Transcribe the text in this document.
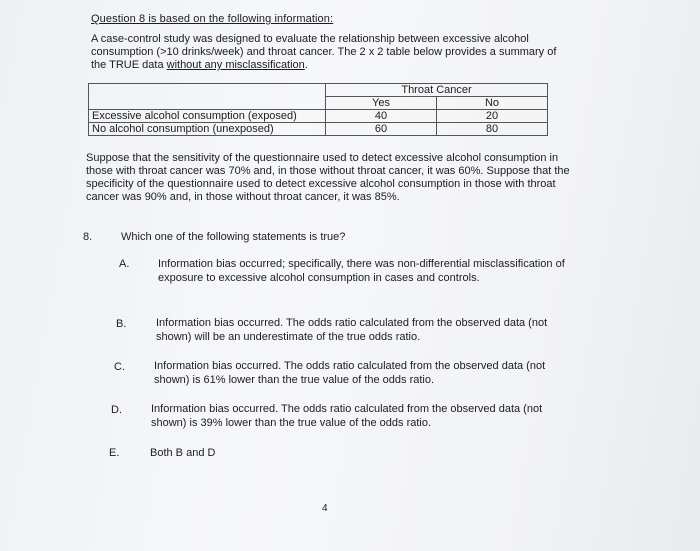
Question 8 is based on the following information:
A case-control study was designed to evaluate the relationship between excessive alcohol consumption (>10 drinks/week) and throat cancer. The 2 x 2 table below provides a summary of the TRUE data without any misclassification.
	Throat Cancer	
	Yes	No
Excessive alcohol consumption (exposed)	40	20
No alcohol consumption (unexposed)	60	80
Suppose that the sensitivity of the questionnaire used to detect excessive alcohol consumption in those with throat cancer was 70% and, in those without throat cancer, it was 60%. Suppose that the specificity of the questionnaire used to detect excessive alcohol consumption in those with throat cancer was 90% and, in those without throat cancer, it was 85%.
8.	Which one of the following statements is true?
A.	Information bias occurred; specifically, there was non-differential misclassification of exposure to excessive alcohol consumption in cases and controls.
B.	Information bias occurred. The odds ratio calculated from the observed data (not shown) will be an underestimate of the true odds ratio.
C.	Information bias occurred. The odds ratio calculated from the observed data (not shown) is 61% lower than the true value of the odds ratio.
D.	Information bias occurred. The odds ratio calculated from the observed data (not shown) is 39% lower than the true value of the odds ratio.
E.	Both B and D
4
